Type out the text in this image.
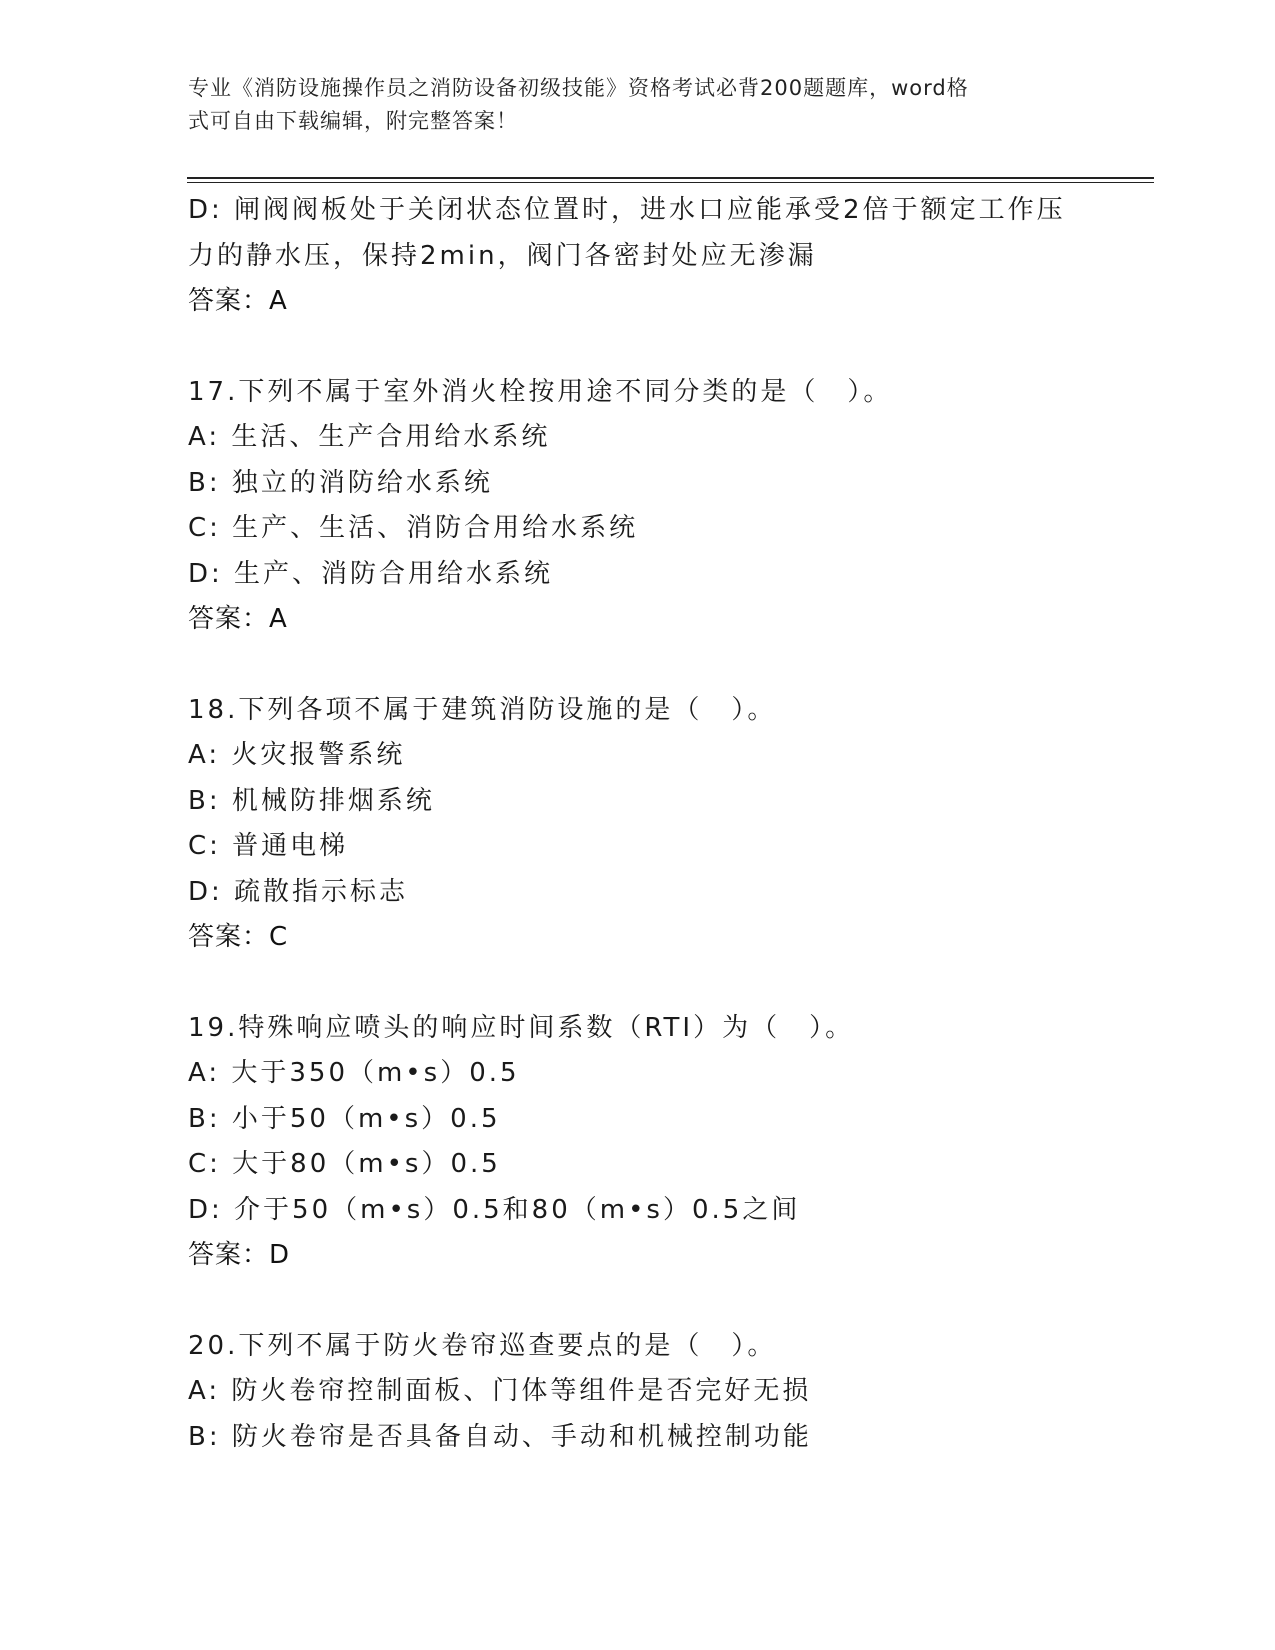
专业《消防设施操作员之消防设备初级技能》资格考试必背200题题库，word格
式可自由下载编辑，附完整答案！
D: 闸阀阀板处于关闭状态位置时，进水口应能承受2倍于额定工作压
力的静水压，保持2min，阀门各密封处应无渗漏
答案：A
17.下列不属于室外消火栓按用途不同分类的是（　）。
A: 生活、生产合用给水系统
B: 独立的消防给水系统
C: 生产、生活、消防合用给水系统
D: 生产、消防合用给水系统
答案：A
18.下列各项不属于建筑消防设施的是（　）。
A: 火灾报警系统
B: 机械防排烟系统
C: 普通电梯
D: 疏散指示标志
答案：C
19.特殊响应喷头的响应时间系数（RTI）为（　）。
A: 大于350（m•s）0.5
B: 小于50（m•s）0.5
C: 大于80（m•s）0.5
D: 介于50（m•s）0.5和80（m•s）0.5之间
答案：D
20.下列不属于防火卷帘巡查要点的是（　）。
A: 防火卷帘控制面板、门体等组件是否完好无损
B: 防火卷帘是否具备自动、手动和机械控制功能
